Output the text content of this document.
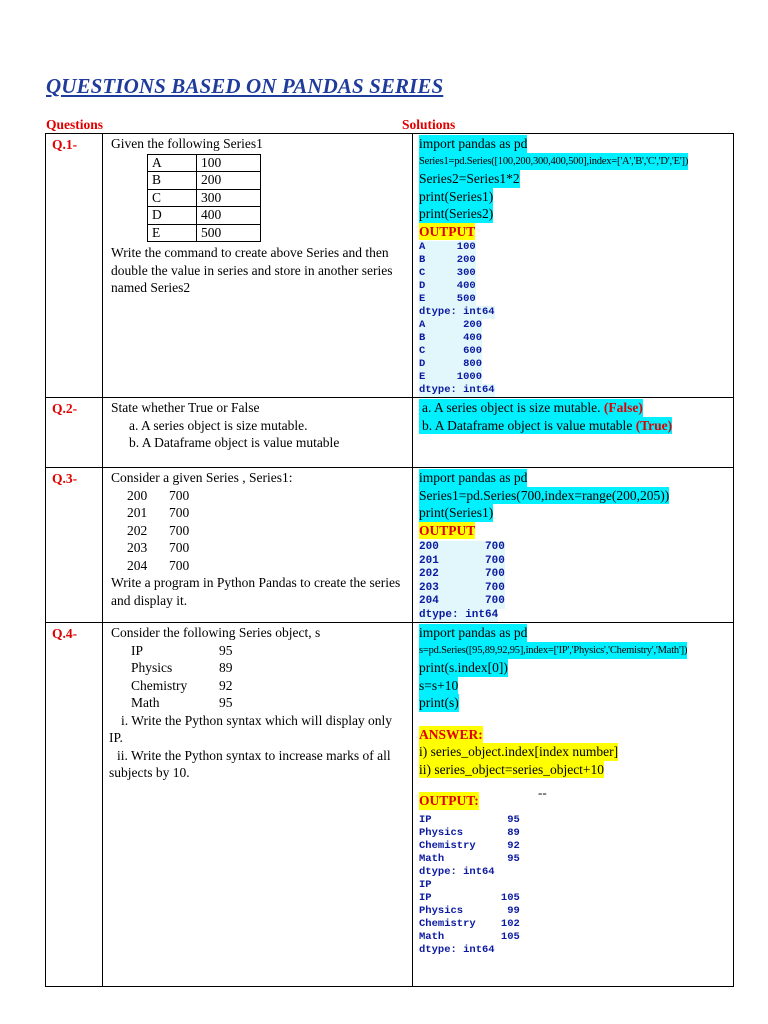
QUESTIONS BASED ON PANDAS SERIES
Questions	Solutions
Q.1-	Given the following Series1
A	100
B	200
C	300
D	400
E	500
Write the command to create above Series and then double the value in series and store in another series named Series2

import pandas as pd
Series1=pd.Series([100,200,300,400,500],index=['A','B','C','D','E'])
Series2=Series1*2
print(Series1)
print(Series2)
OUTPUT
A     100
B     200
C     300
D     400
E     500
dtype: int64
A      200
B      400
C      600
D      800
E     1000
dtype: int64

Q.2-	State whether True or False
a. A series object is size mutable.
b. A Dataframe object is value mutable

a. A series object is size mutable. (False)
b. A Dataframe object is value mutable (True)

Q.3-	Consider a given Series , Series1:
200	700
201	700
202	700
203	700
204	700
Write a program in Python Pandas to create the series and display it.

import pandas as pd
Series1=pd.Series(700,index=range(200,205))
print(Series1)
OUTPUT
200       700
201       700
202       700
203       700
204       700
dtype: int64

Q.4-	Consider the following Series object, s
IP	95
Physics	89
Chemistry	92
Math	95
i. Write the Python syntax which will display only IP.
ii. Write the Python syntax to increase marks of all subjects by 10.

import pandas as pd
s=pd.Series([95,89,92,95],index=['IP','Physics','Chemistry','Math'])
print(s.index[0])
s=s+10
print(s)
ANSWER:
i) series_object.index[index number]
ii) series_object=series_object+10
OUTPUT:
IP            95
Physics       89
Chemistry     92
Math          95
dtype: int64
IP
IP           105
Physics       99
Chemistry    102
Math         105
dtype: int64
--
